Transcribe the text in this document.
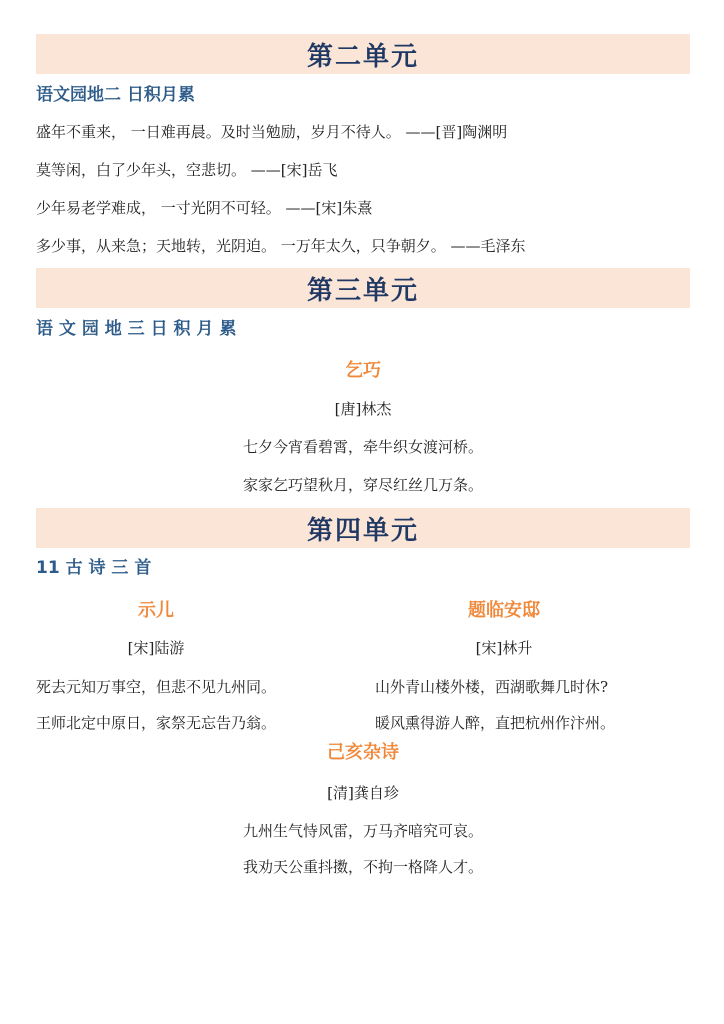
第二单元
语文园地二 日积月累
盛年不重来， 一日难再晨。及时当勉励，岁月不待人。 ——[晋]陶渊明
莫等闲，白了少年头，空悲切。 ——[宋]岳飞
少年易老学难成， 一寸光阴不可轻。 ——[宋]朱熹
多少事，从来急；天地转，光阴迫。 一万年太久，只争朝夕。 ——毛泽东
第三单元
语 文 园 地 三 日 积 月 累
乞巧
[唐]林杰
七夕今宵看碧霄，牵牛织女渡河桥。
家家乞巧望秋月，穿尽红丝几万条。
第四单元
11 古 诗 三 首
示儿
[宋]陆游
死去元知万事空，但悲不见九州同。
王师北定中原日，家祭无忘告乃翁。
题临安邸
[宋]林升
山外青山楼外楼，西湖歌舞几时休?
暖风熏得游人醉，直把杭州作汴州。
己亥杂诗
[清]龚自珍
九州生气恃风雷，万马齐喑究可哀。
我劝天公重抖擞，不拘一格降人才。
